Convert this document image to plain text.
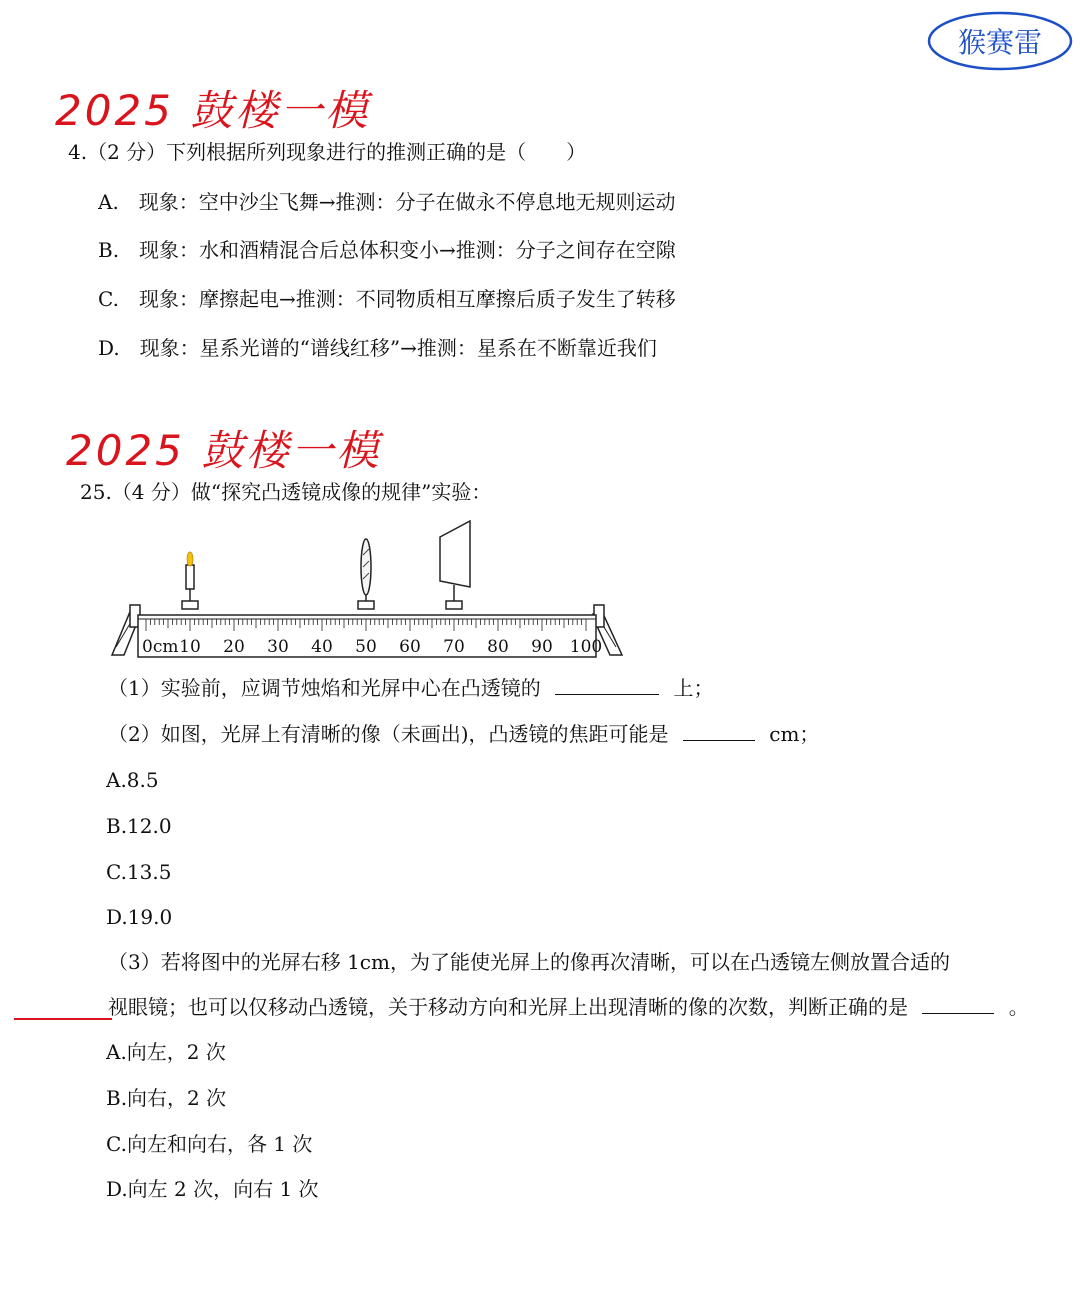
猴赛雷
2025 鼓楼一模
4.（2 分）下列根据所列现象进行的推测正确的是（　　）
A.　现象：空中沙尘飞舞→推测：分子在做永不停息地无规则运动
B.　现象：水和酒精混合后总体积变小→推测：分子之间存在空隙
C.　现象：摩擦起电→推测：不同物质相互摩擦后质子发生了转移
D.　现象：星系光谱的“谱线红移”→推测：星系在不断靠近我们
2025 鼓楼一模
25.（4 分）做“探究凸透镜成像的规律”实验：
0cm 10 20 30 40 50 60 70 80 90 100
（1）实验前，应调节烛焰和光屏中心在凸透镜的	上；
（2）如图，光屏上有清晰的像（未画出)，凸透镜的焦距可能是	cm；
A.8.5
B.12.0
C.13.5
D.19.0
（3）若将图中的光屏右移 1cm，为了能使光屏上的像再次清晰，可以在凸透镜左侧放置合适的
视眼镜；也可以仅移动凸透镜，关于移动方向和光屏上出现清晰的像的次数，判断正确的是	。
A.向左，2 次
B.向右，2 次
C.向左和向右，各 1 次
D.向左 2 次，向右 1 次
